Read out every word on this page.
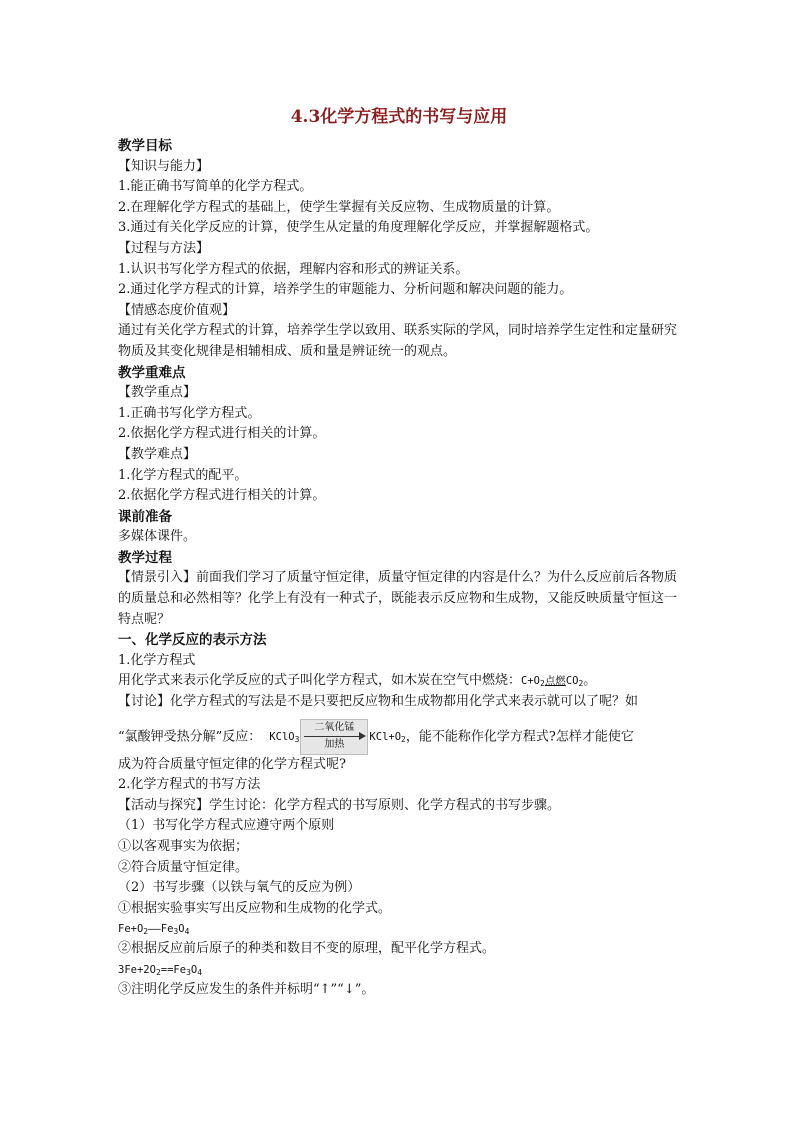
4.3化学方程式的书写与应用
教学目标
【知识与能力】
1.能正确书写简单的化学方程式。
2.在理解化学方程式的基础上，使学生掌握有关反应物、生成物质量的计算。
3.通过有关化学反应的计算，使学生从定量的角度理解化学反应，并掌握解题格式。
【过程与方法】
1.认识书写化学方程式的依据，理解内容和形式的辨证关系。
2.通过化学方程式的计算，培养学生的审题能力、分析问题和解决问题的能力。
【情感态度价值观】
通过有关化学方程式的计算，培养学生学以致用、联系实际的学风，同时培养学生定性和定量研究物质及其变化规律是相辅相成、质和量是辨证统一的观点。
教学重难点
【教学重点】
1.正确书写化学方程式。
2.依据化学方程式进行相关的计算。
【教学难点】
1.化学方程式的配平。
2.依据化学方程式进行相关的计算。
课前准备
多媒体课件。
教学过程
【情景引入】前面我们学习了质量守恒定律，质量守恒定律的内容是什么？为什么反应前后各物质的质量总和必然相等？化学上有没有一种式子，既能表示反应物和生成物，又能反映质量守恒这一特点呢？
一、化学反应的表示方法
1.化学方程式
用化学式来表示化学反应的式子叫化学方程式，如木炭在空气中燃烧：$C+O_2$点燃$CO_2$。
【讨论】化学方程式的写法是不是只要把反应物和生成物都用化学式来表示就可以了呢？如
“氯酸钾受热分解”反应： KClO$_3$
二氧化锰
加热
$KCl+O_2$，能不能称作化学方程式?怎样才能使它
成为符合质量守恒定律的化学方程式呢?
2.化学方程式的书写方法
【活动与探究】学生讨论：化学方程式的书写原则、化学方程式的书写步骤。
（1）书写化学方程式应遵守两个原则
①以客观事实为依据；
②符合质量守恒定律。
（2）书写步骤（以铁与氧气的反应为例）
①根据实验事实写出反应物和生成物的化学式。
$Fe+O_2——Fe_3O_4$
②根据反应前后原子的种类和数目不变的原理，配平化学方程式。
$3Fe+2O_2==Fe_3O_4$
③注明化学反应发生的条件并标明“↑”“↓”。
